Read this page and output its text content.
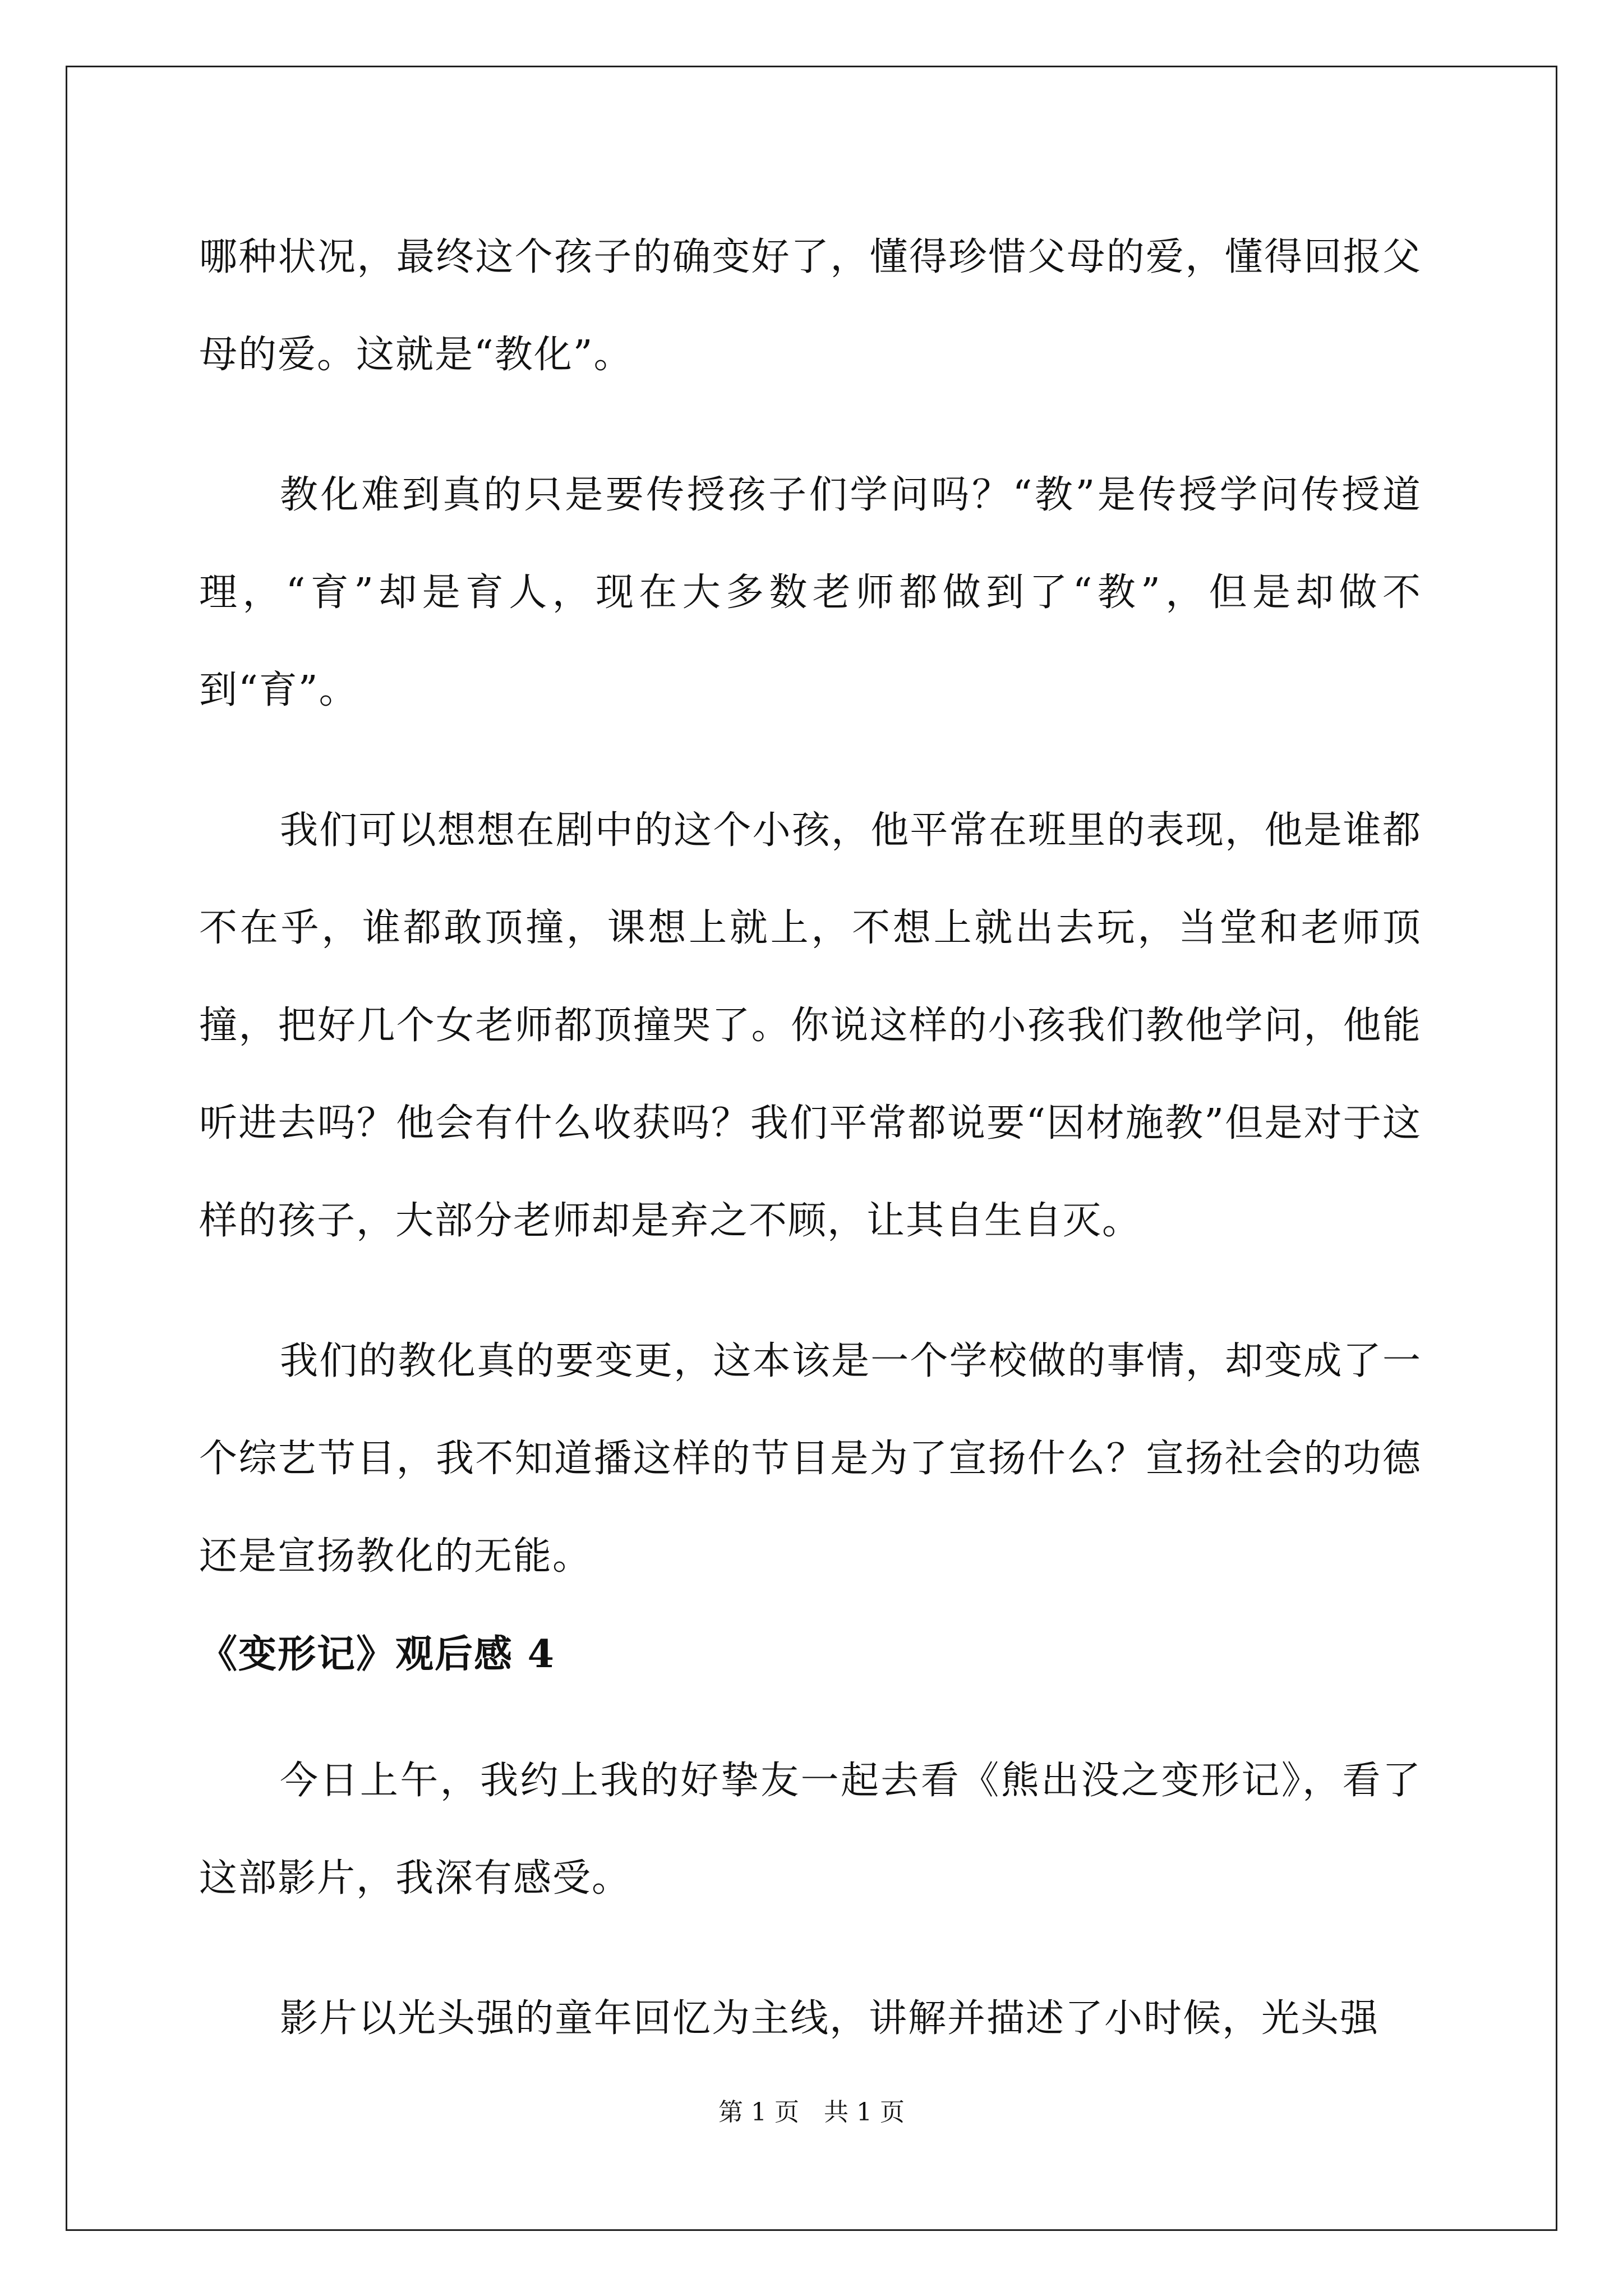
哪种状况，最终这个孩子的确变好了，懂得珍惜父母的爱，懂得回报父母的爱。这就是“教化”。

教化难到真的只是要传授孩子们学问吗？“教”是传授学问传授道理，“育”却是育人，现在大多数老师都做到了“教”，但是却做不到“育”。

我们可以想想在剧中的这个小孩，他平常在班里的表现，他是谁都不在乎，谁都敢顶撞，课想上就上，不想上就出去玩，当堂和老师顶撞，把好几个女老师都顶撞哭了。你说这样的小孩我们教他学问，他能听进去吗？他会有什么收获吗？我们平常都说要“因材施教”但是对于这样的孩子，大部分老师却是弃之不顾，让其自生自灭。

我们的教化真的要变更，这本该是一个学校做的事情，却变成了一个综艺节目，我不知道播这样的节目是为了宣扬什么？宣扬社会的功德还是宣扬教化的无能。

《变形记》观后感 4

今日上午，我约上我的好挚友一起去看《熊出没之变形记》，看了这部影片，我深有感受。

影片以光头强的童年回忆为主线，讲解并描述了小时候，光头强

第 1 页　共 1 页
